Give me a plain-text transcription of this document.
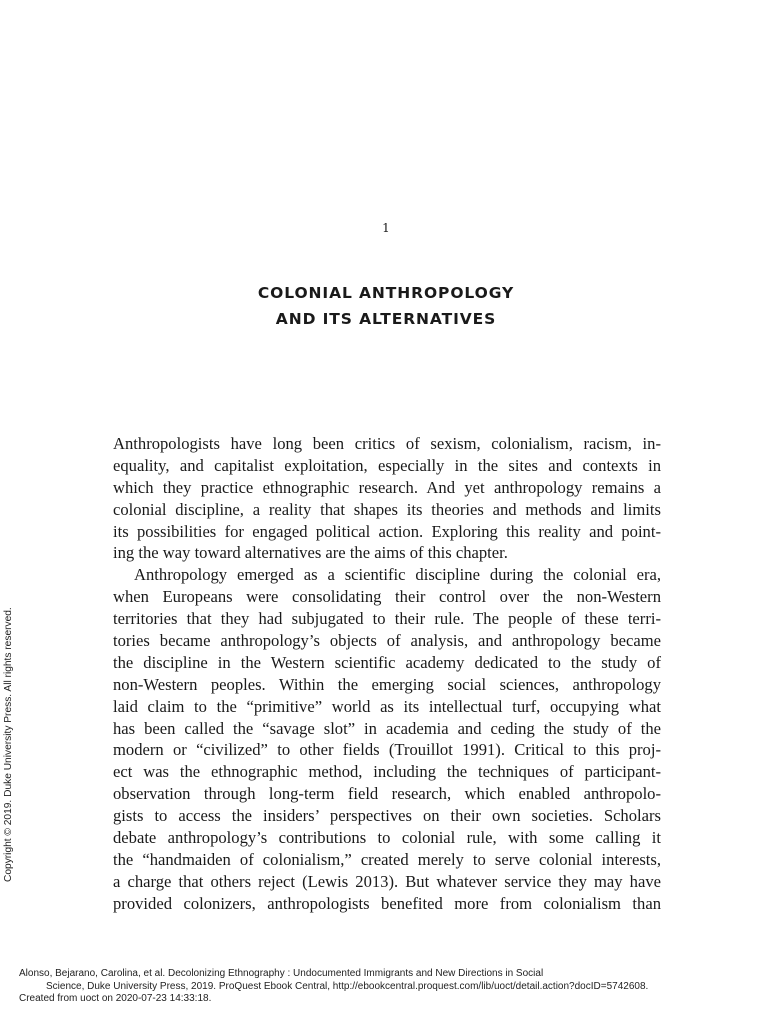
1
COLONIAL ANTHROPOLOGY
AND ITS ALTERNATIVES
Anthropologists have long been critics of sexism, colonialism, racism, in-
equality, and capitalist exploitation, especially in the sites and contexts in
which they practice ethnographic research. And yet anthropology remains a
colonial discipline, a reality that shapes its theories and methods and limits
its possibilities for engaged political action. Exploring this reality and point-
ing the way toward alternatives are the aims of this chapter.
Anthropology emerged as a scientific discipline during the colonial era,
when Europeans were consolidating their control over the non-Western
territories that they had subjugated to their rule. The people of these terri-
tories became anthropology’s objects of analysis, and anthropology became
the discipline in the Western scientific academy dedicated to the study of
non-Western peoples. Within the emerging social sciences, anthropology
laid claim to the “primitive” world as its intellectual turf, occupying what
has been called the “savage slot” in academia and ceding the study of the
modern or “civilized” to other fields (Trouillot 1991). Critical to this proj-
ect was the ethnographic method, including the techniques of participant-
observation through long-term field research, which enabled anthropolo-
gists to access the insiders’ perspectives on their own societies. Scholars
debate anthropology’s contributions to colonial rule, with some calling it
the “handmaiden of colonialism,” created merely to serve colonial interests,
a charge that others reject (Lewis 2013). But whatever service they may have
provided colonizers, anthropologists benefited more from colonialism than
Copyright © 2019. Duke University Press. All rights reserved.
Alonso, Bejarano, Carolina, et al. Decolonizing Ethnography : Undocumented Immigrants and New Directions in Social
Science, Duke University Press, 2019. ProQuest Ebook Central, http://ebookcentral.proquest.com/lib/uoct/detail.action?docID=5742608.
Created from uoct on 2020-07-23 14:33:18.
